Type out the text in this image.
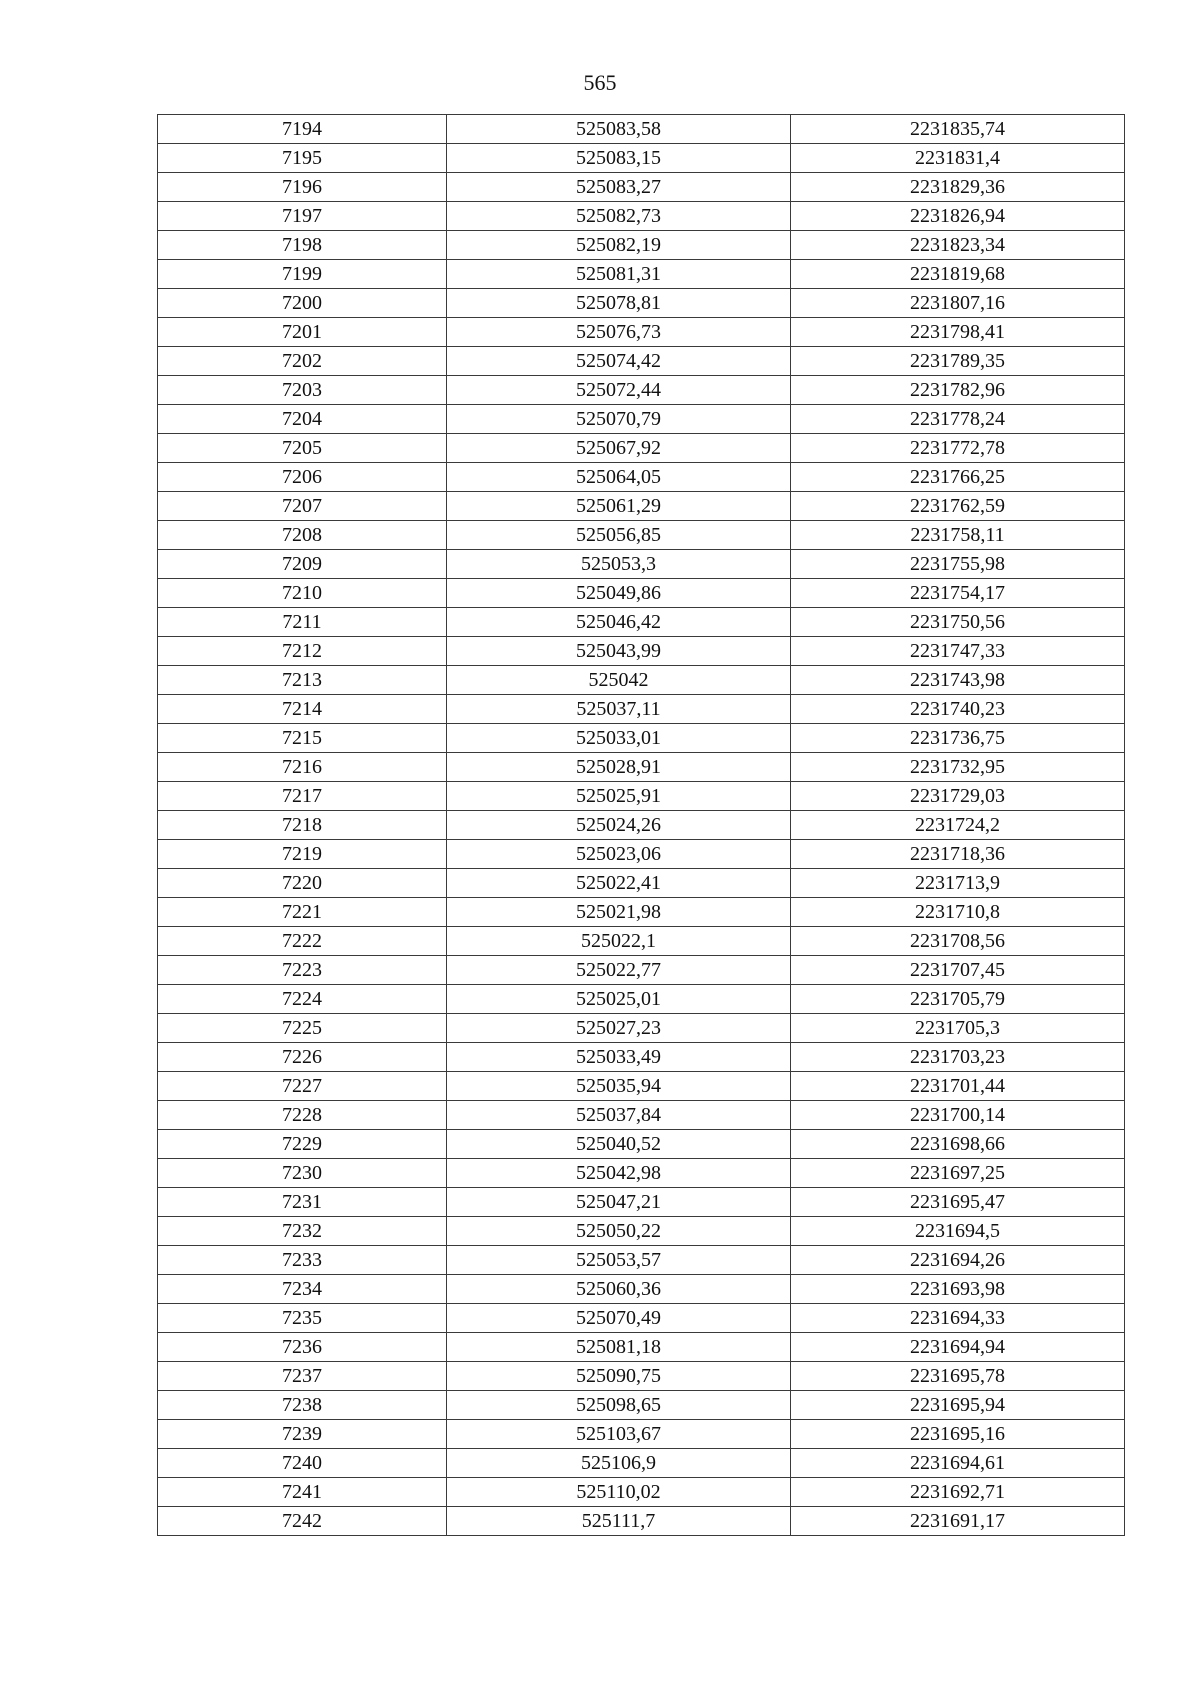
565
7194	525083,58	2231835,74
7195	525083,15	2231831,4
7196	525083,27	2231829,36
7197	525082,73	2231826,94
7198	525082,19	2231823,34
7199	525081,31	2231819,68
7200	525078,81	2231807,16
7201	525076,73	2231798,41
7202	525074,42	2231789,35
7203	525072,44	2231782,96
7204	525070,79	2231778,24
7205	525067,92	2231772,78
7206	525064,05	2231766,25
7207	525061,29	2231762,59
7208	525056,85	2231758,11
7209	525053,3	2231755,98
7210	525049,86	2231754,17
7211	525046,42	2231750,56
7212	525043,99	2231747,33
7213	525042	2231743,98
7214	525037,11	2231740,23
7215	525033,01	2231736,75
7216	525028,91	2231732,95
7217	525025,91	2231729,03
7218	525024,26	2231724,2
7219	525023,06	2231718,36
7220	525022,41	2231713,9
7221	525021,98	2231710,8
7222	525022,1	2231708,56
7223	525022,77	2231707,45
7224	525025,01	2231705,79
7225	525027,23	2231705,3
7226	525033,49	2231703,23
7227	525035,94	2231701,44
7228	525037,84	2231700,14
7229	525040,52	2231698,66
7230	525042,98	2231697,25
7231	525047,21	2231695,47
7232	525050,22	2231694,5
7233	525053,57	2231694,26
7234	525060,36	2231693,98
7235	525070,49	2231694,33
7236	525081,18	2231694,94
7237	525090,75	2231695,78
7238	525098,65	2231695,94
7239	525103,67	2231695,16
7240	525106,9	2231694,61
7241	525110,02	2231692,71
7242	525111,7	2231691,17
